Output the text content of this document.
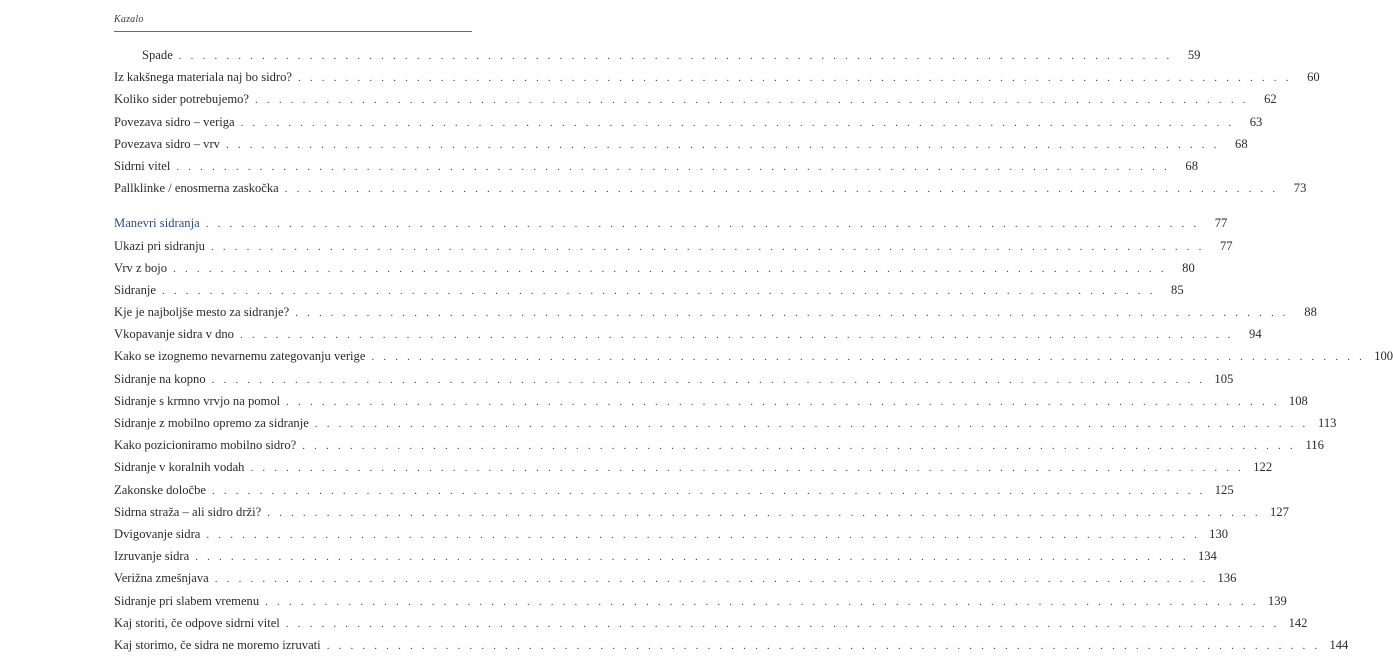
Kazalo
Spade . . .	59
Iz kakšnega materiala naj bo sidro? . . .	60
Koliko sider potrebujemo? . . .	62
Povezava sidro – veriga . . .	63
Povezava sidro – vrv . . .	68
Sidrni vitel . . .	68
Pallklinke / enosmerna zaskočka . . .	73
Manevri sidranja . . .	77
Ukazi pri sidranju . . .	77
Vrv z bojo . . .	80
Sidranje . . .	85
Kje je najboljše mesto za sidranje? . . .	88
Vkopavanje sidra v dno . . .	94
Kako se izognemo nevarnemu zategovanju verige . . .	100
Sidranje na kopno . . .	105
Sidranje s krmno vrvjo na pomol . . .	108
Sidranje z mobilno opremo za sidranje . . .	113
Kako pozicioniramo mobilno sidro? . . .	116
Sidranje v koralnih vodah . . .	122
Zakonske določbe . . .	125
Sidrna straža – ali sidro drži? . . .	127
Dvigovanje sidra . . .	130
Izruvanje sidra . . .	134
Verižna zmešnjava . . .	136
Sidranje pri slabem vremenu . . .	139
Kaj storiti, če odpove sidrni vitel . . .	142
Kaj storimo, če sidra ne moremo izruvati . . .	144
